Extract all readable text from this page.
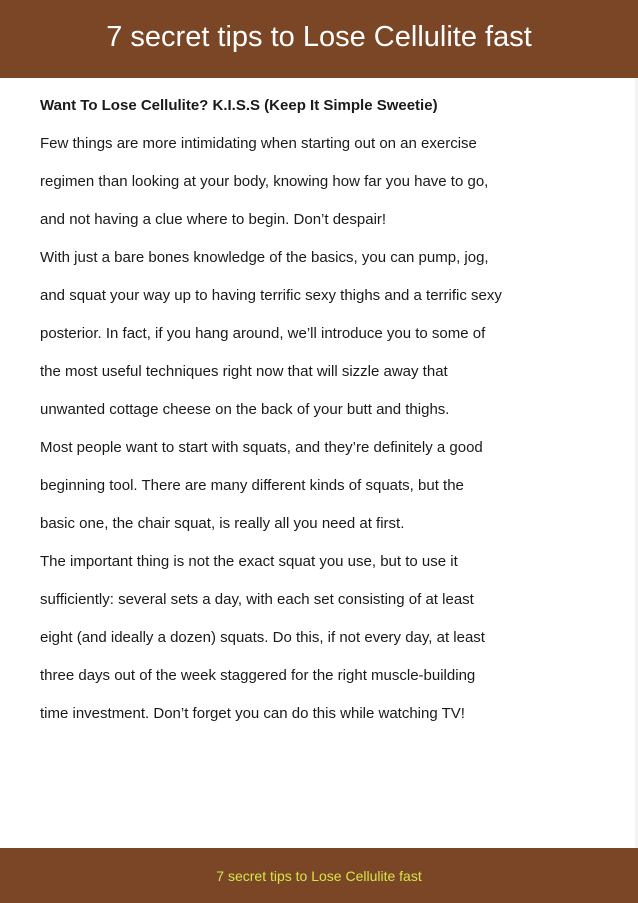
7 secret tips to Lose Cellulite fast
Want To Lose Cellulite? K.I.S.S (Keep It Simple Sweetie)
Few things are more intimidating when starting out on an exercise
regimen than looking at your body, knowing how far you have to go,
and not having a clue where to begin. Don’t despair!
With just a bare bones knowledge of the basics, you can pump, jog,
and squat your way up to having terrific sexy thighs and a terrific sexy
posterior. In fact, if you hang around, we’ll introduce you to some of
the most useful techniques right now that will sizzle away that
unwanted cottage cheese on the back of your butt and thighs.
Most people want to start with squats, and they’re definitely a good
beginning tool. There are many different kinds of squats, but the
basic one, the chair squat, is really all you need at first.
The important thing is not the exact squat you use, but to use it
sufficiently: several sets a day, with each set consisting of at least
eight (and ideally a dozen) squats. Do this, if not every day, at least
three days out of the week staggered for the right muscle-building
time investment. Don’t forget you can do this while watching TV!
7 secret tips to Lose Cellulite fast
